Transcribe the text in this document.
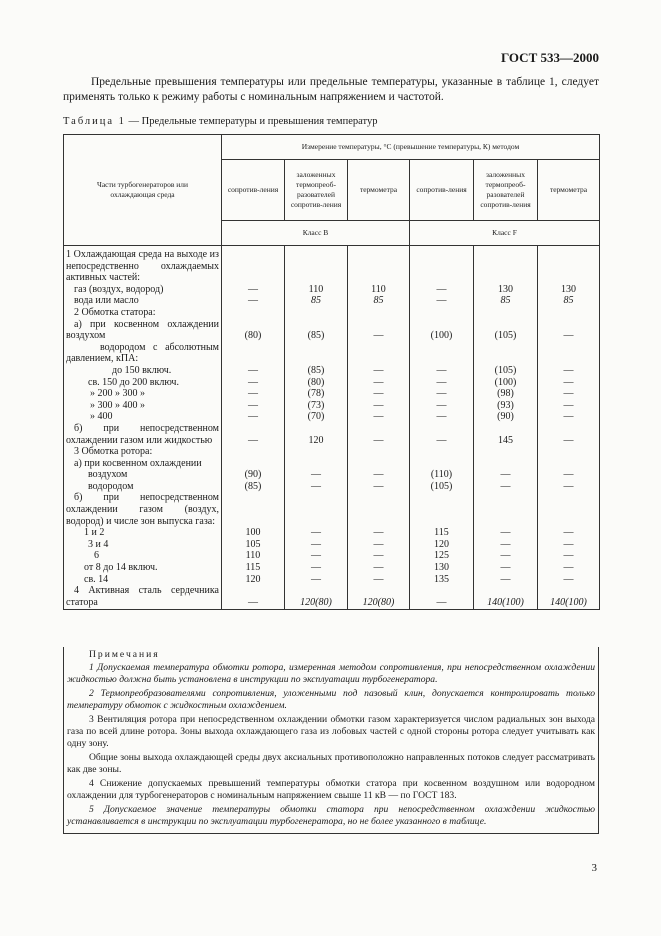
ГОСТ 533—2000
Предельные превышения температуры или предельные температуры, указанные в таблице 1, следует применять только к режиму работы с номинальным напряжением и частотой.
Таблица 1 — Предельные температуры и превышения температур
Части турбогенераторов или охлаждающая среда	Измерение температуры, °С (превышение температуры, К) методом					
	сопротив-ления	заложенных термопреоб-разователей сопротив-ления	термометра	сопротив-ления	заложенных термопреоб-разователей сопротив-ления	термометра
	Класс В			Класс F		
1 Охлаждающая среда на выходе из непосредственно охлаждаемых активных частей:						

газ (воздух, водород)	—	110	110	—	130	130

вода или масло	—	85	85	—	85	85

2 Обмотка статора:						

а) при косвенном охлаждении воздухом	(80)	(85)	—	(100)	(105)	—
водородом с абсолютным давлением, кПА:						
до 150 включ.	—	(85)	—	—	(105)	—
св. 150 до 200 включ.	—	(80)	—	—	(100)	—
» 200 » 300 »	—	(78)	—	—	(98)	—
» 300 » 400 »	—	(73)	—	—	(93)	—
» 400	—	(70)	—	—	(90)	—
б) при непосредственном охлаждении газом или жидкостью	—	120	—	—	145	—

3 Обмотка ротора:						

а) при косвенном охлаждении						
воздухом	(90)	—	—	(110)	—	—
водородом	(85)	—	—	(105)	—	—
б) при непосредственном охлаждении газом (воздух, водород) и числе зон выпуска газа:						
1 и 2	100	—	—	115	—	—
3 и 4	105	—	—	120	—	—
6	110	—	—	125	—	—
от 8 до 14 включ.	115	—	—	130	—	—
св. 14	120	—	—	135	—	—
4 Активная сталь сердечника статора	—	120(80)	120(80)	—	140(100)	140(100)

Примечания

1 Допускаемая температура обмотки ротора, измеренная методом сопротивления, при непосредственном охлаждении жидкостью должна быть установлена в инструкции по эксплуатации турбогенератора.

2 Термопреобразователями сопротивления, уложенными под пазовый клин, допускается контролировать только температуру обмоток с жидкостным охлаждением.

3 Вентиляция ротора при непосредственном охлаждении обмотки газом характеризуется числом радиальных зон выхода газа по всей длине ротора. Зоны выхода охлаждающего газа из лобовых частей с одной стороны ротора следует учитывать как одну зону.

Общие зоны выхода охлаждающей среды двух аксиальных противоположно направленных потоков следует рассматривать как две зоны.

4 Снижение допускаемых превышений температуры обмотки статора при косвенном воздушном или водородном охлаждении для турбогенераторов с номинальным напряжением свыше 11 кВ — по ГОСТ 183.

5 Допускаемое значение температуры обмотки статора при непосредственном охлаждении жидкостью устанавливается в инструкции по эксплуатации турбогенератора, но не более указанного в таблице.

3
